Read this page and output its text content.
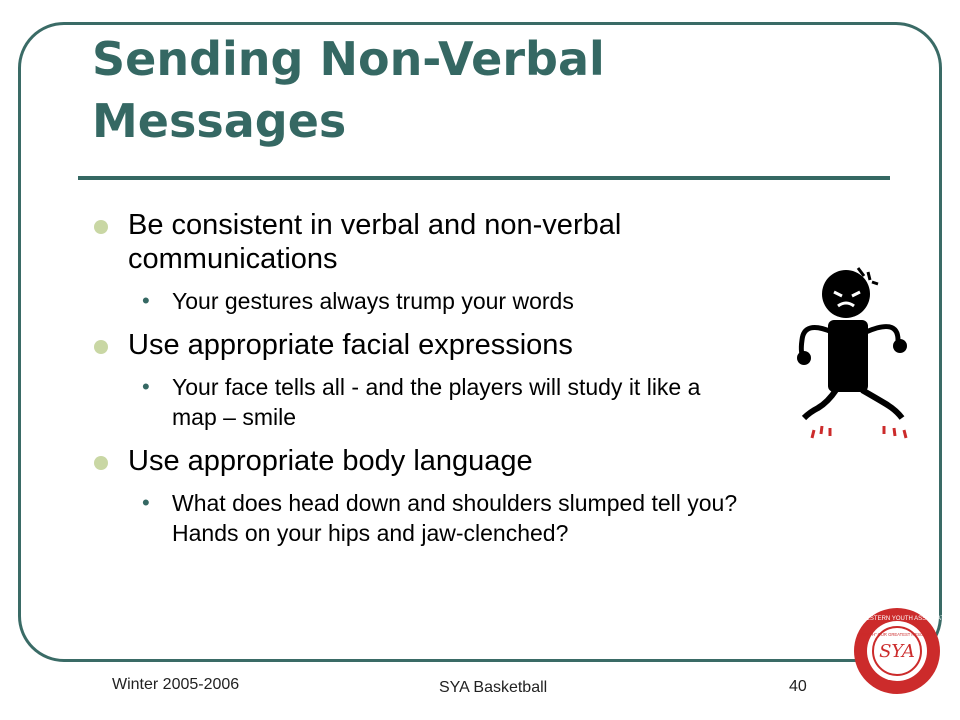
Sending Non-Verbal Messages
Be consistent in verbal and non-verbal communications
• Your gestures always trump your words
Use appropriate facial expressions
• Your face tells all - and the players will study it like a map – smile
Use appropriate body language
• What does head down and shoulders slumped tell you? Hands on your hips and jaw-clenched?
SYA
SOUTHWESTERN YOUTH ASSOCIATION
"YOUTH" OUR GREATEST RESOURCE
Winter 2005-2006	SYA Basketball	40
